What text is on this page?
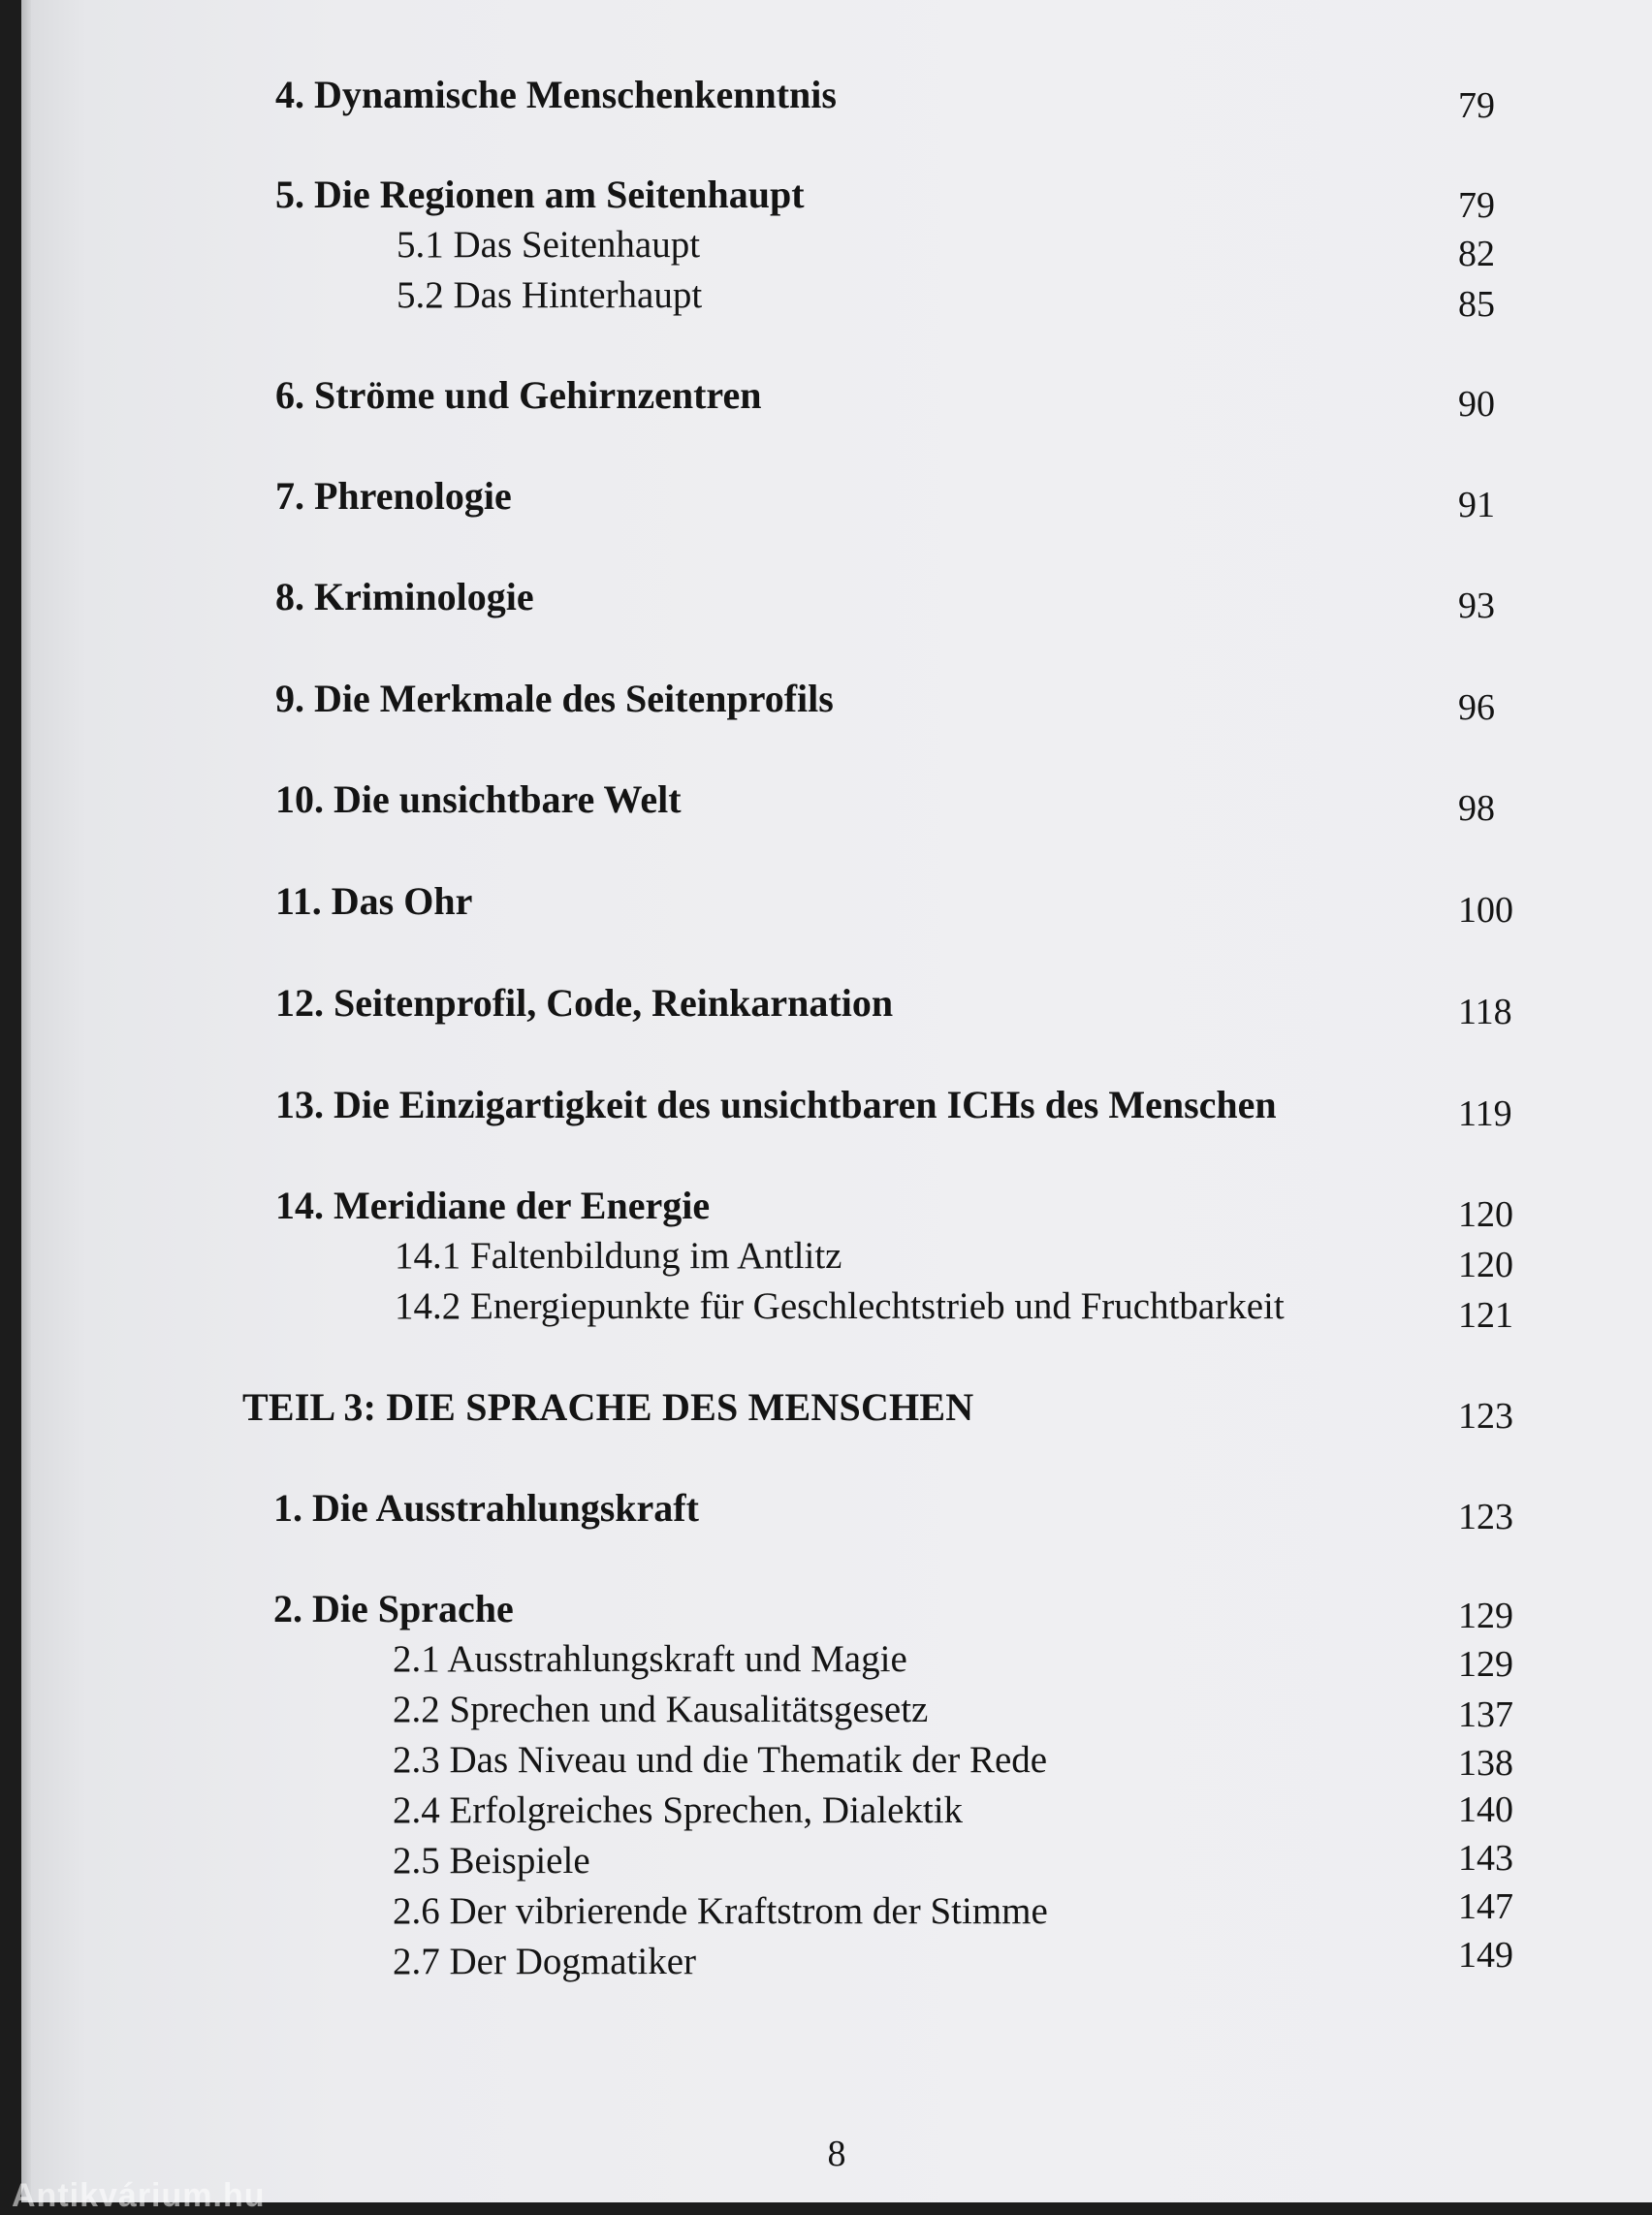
4. Dynamische Menschenkenntnis	79
5. Die Regionen am Seitenhaupt	79
5.1 Das Seitenhaupt	82
5.2 Das Hinterhaupt	85
6. Ströme und Gehirnzentren	90
7. Phrenologie	91
8. Kriminologie	93
9. Die Merkmale des Seitenprofils	96
10. Die unsichtbare Welt	98
11. Das Ohr	100
12. Seitenprofil, Code, Reinkarnation	118
13. Die Einzigartigkeit des unsichtbaren ICHs des Menschen	119
14. Meridiane der Energie	120
14.1 Faltenbildung im Antlitz	120
14.2 Energiepunkte für Geschlechtstrieb und Fruchtbarkeit	121
TEIL 3: DIE SPRACHE DES MENSCHEN	123
1. Die Ausstrahlungskraft	123
2. Die Sprache	129
2.1 Ausstrahlungskraft und Magie	129
2.2 Sprechen und Kausalitätsgesetz	137
2.3 Das Niveau und die Thematik der Rede	138
2.4 Erfolgreiches Sprechen, Dialektik	140
2.5 Beispiele	143
2.6 Der vibrierende Kraftstrom der Stimme	147
2.7 Der Dogmatiker	149
8
Antikvárium.hu
